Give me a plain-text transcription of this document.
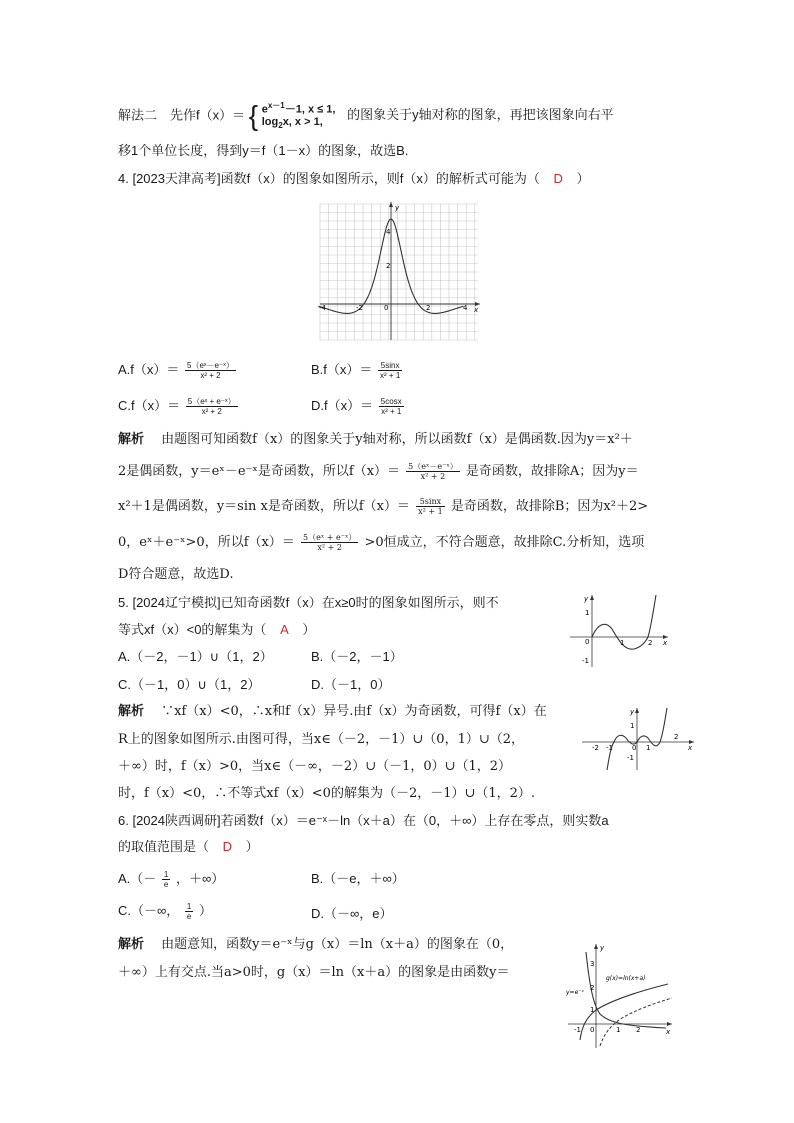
解法二　先作f（x）＝ { $e^{x-1}-1$, x ≤ 1,
$\log_2x$, x > 1,	的图象关于y轴对称的图象，再把该图象向右平
移1个单位长度，得到y＝f（1－x）的图象，故选B.
4. [2023天津高考]函数f（x）的图象如图所示，则f（x）的解析式可能为（ D ）
-4	-2	0	2	4
2
4
x
y
$A.f(x)= \frac{\text{5（eˣ－e⁻ˣ）}}{\text{x² + 2}}$	$B.f(x)= \frac{5\sin x}{\text{x² + 1}}$
$C.f(x)= \frac{\text{5（eˣ + e⁻ˣ）}}{\text{x² + 2}}$	$D.f(x)= \frac{5\cos x}{\text{x² + 1}}$
解析　 由题图可知函数f（x）的图象关于y轴对称，所以函数f（x）是偶函数.因为y＝x²＋
2是偶函数，y＝eˣ－e⁻ˣ是奇函数，所以$f(x)= \frac{\text{5（eˣ－e⁻ˣ）}}{\text{x² + 2}}$ 是奇函数，故排除A；因为y＝
x²＋1是偶函数，y＝sin x是奇函数，所以$f(x)= \frac{5\sin x}{\text{x² + 1}}$ 是奇函数，故排除B；因为x²＋2>
0，eˣ＋e⁻ˣ>0，所以$f(x)= \frac{\text{5（eˣ + e⁻ˣ）}}{\text{x² + 2}} >0$恒成立，不符合题意，故排除C.分析知，选项
D符合题意，故选D.
5. [2024辽宁模拟]已知奇函数f（x）在x≥0时的图象如图所示，则不
等式xf（x）<0的解集为（ A ）
A.（－2，－1）∪（1，2）	B.（－2，－1）
C.（－1，0）∪（1，2）	D.（－1，0）
y
1
0	1	2
-1
x
解析　 ∵xf（x）<0，∴x和f（x）异号.由f（x）为奇函数，可得f（x）在
R上的图象如图所示.由图可得，当x∈（－2，－1）∪（0，1）∪（2，
＋∞）时，f（x）>0，当x∈（－∞，－2）∪（－1，0）∪（1，2）
时，f（x）<0，∴不等式xf（x）<0的解集为（－2，－1）∪（1，2）.
y
1
-2 -1	0 1
2
-1
x
6. [2024陕西调研]若函数f（x）＝e⁻ˣ－ln（x＋a）在（0，＋∞）上存在零点，则实数a
的取值范围是（ D ）
$A.(- \frac{1}{e}$ ，＋∞）	B.（－e，＋∞）
C.（－∞， $\frac{1}{e}$ ）	D.（－∞，e）
解析　 由题意知，函数y＝e⁻ˣ与g（x）＝ln（x＋a）的图象在（0，
＋∞）上有交点.当a>0时，g（x）＝ln（x＋a）的图象是由函数y＝
y
3
2
1
-1 0	1 2	x
g(x)=ln(x+a)
y=e⁻ˣ
